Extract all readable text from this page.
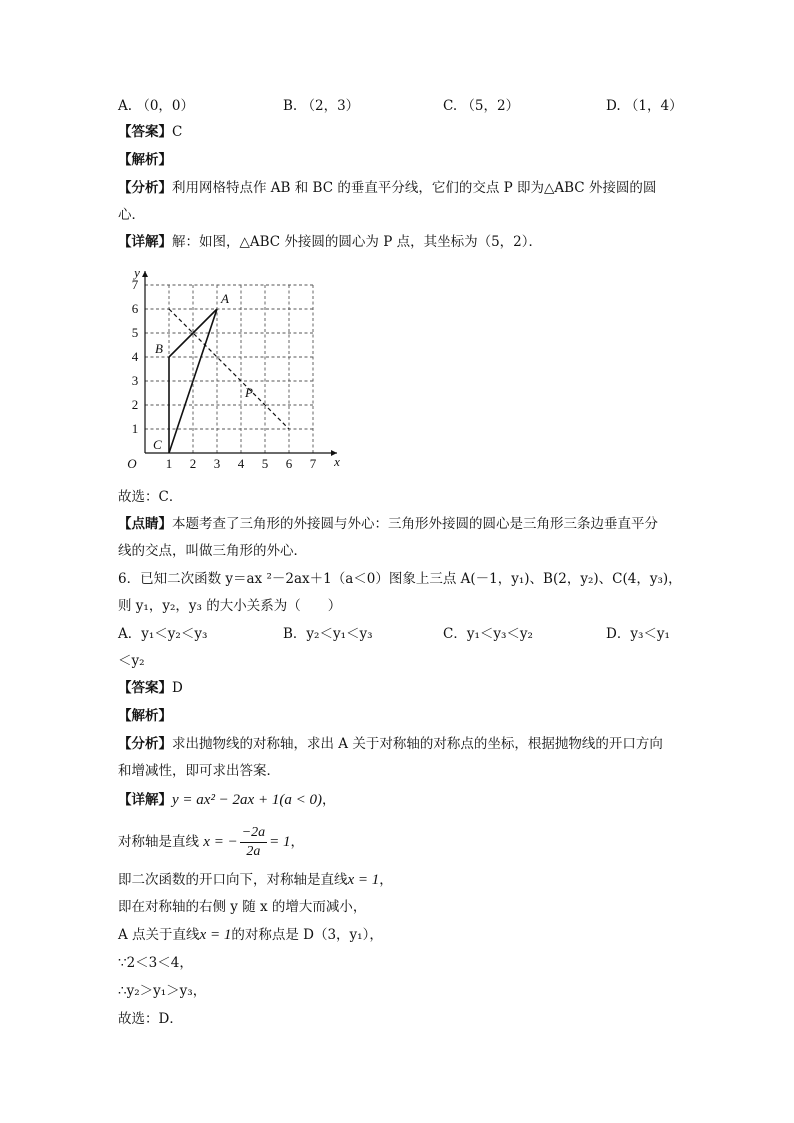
A. （0，0）	B. （2，3）	C. （5，2）	D. （1，4）
【答案】C
【解析】
【分析】利用网格特点作 AB 和 BC 的垂直平分线，它们的交点 P 即为△ABC 外接圆的圆
心．
【详解】解：如图，△ABC 外接圆的圆心为 P 点，其坐标为（5，2）．
1 2 3 4 5 6 7
1
2
3
4
5
6
7
O	x
y
A
B
C
P
故选：C．
【点睛】本题考查了三角形的外接圆与外心：三角形外接圆的圆心是三角形三条边垂直平分
线的交点，叫做三角形的外心．
6．已知二次函数 y＝ax ²－2ax＋1（a＜0）图象上三点 A(－1，y₁)、B(2，y₂)、C(4，y₃)，
则 y₁，y₂，y₃ 的大小关系为（　　）
A．y₁＜y₂＜y₃	B．y₂＜y₁＜y₃	C．y₁＜y₃＜y₂	D．y₃＜y₁
＜y₂
【答案】D
【解析】
【分析】求出抛物线的对称轴，求出 A 关于对称轴的对称点的坐标，根据抛物线的开口方向
和增减性，即可求出答案．
【详解】y = ax² − 2ax + 1(a < 0)，
对称轴是直线 x = − $\frac{-2a}{2a} = 1$，
即二次函数的开口向下，对称轴是直线x = 1，
即在对称轴的右侧 y 随 x 的增大而减小，
A 点关于直线x = 1的对称点是 D（3，y₁），
∵2＜3＜4，
∴y₂＞y₁＞y₃，
故选：D．
